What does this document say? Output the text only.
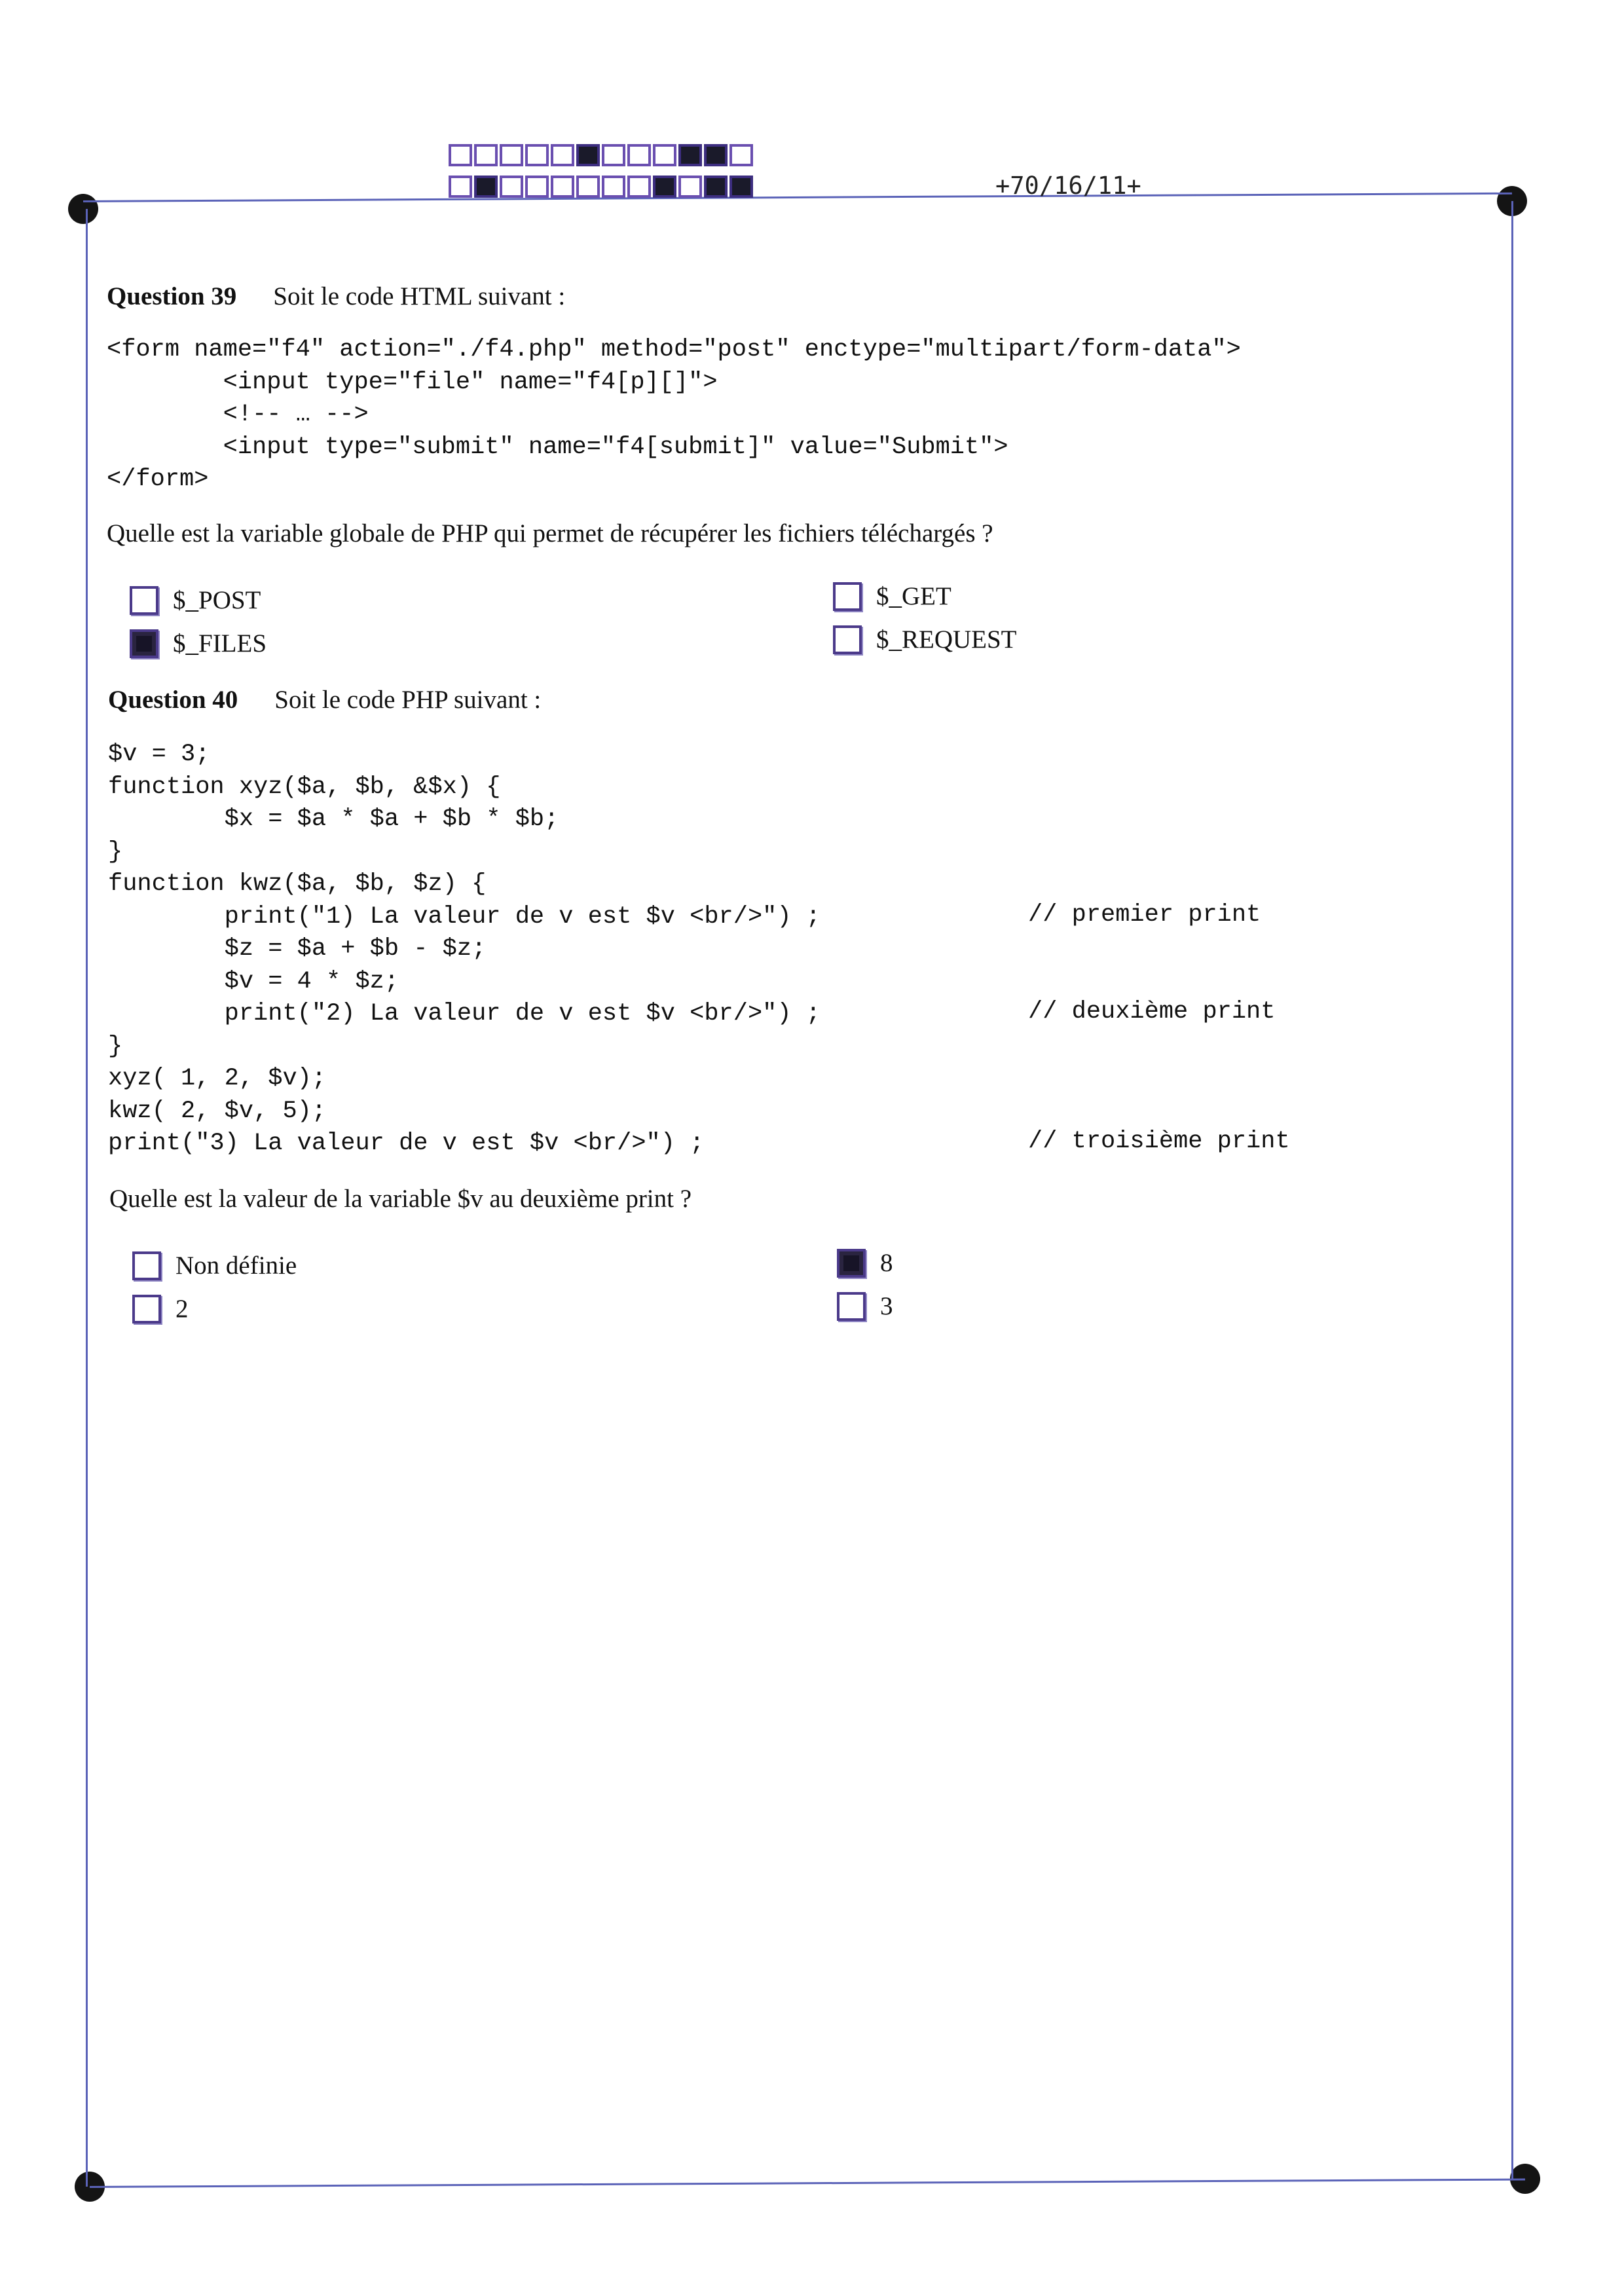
+70/16/11+
Question 39 Soit le code HTML suivant :
<form name="f4" action="./f4.php" method="post" enctype="multipart/form-data">
<input type="file" name="f4[p][]">
<!-- … -->
<input type="submit" name="f4[submit]" value="Submit">
</form>
Quelle est la variable globale de PHP qui permet de récupérer les fichiers téléchargés ?
$_POST	$_GET
$_FILES	$_REQUEST
Question 40 Soit le code PHP suivant :
$v = 3;
function xyz($a, $b, &$x) {
$x = $a * $a + $b * $b;
}
function kwz($a, $b, $z) {
print("1) La valeur de v est $v <br/>") ;
$z = $a + $b - $z;
$v = 4 * $z;
print("2) La valeur de v est $v <br/>") ;
}
xyz( 1, 2, $v);
kwz( 2, $v, 5);
print("3) La valeur de v est $v <br/>") ;
// premier print
// deuxième print
// troisième print
Quelle est la valeur de la variable $v au deuxième print ?
Non définie	8
2	3
